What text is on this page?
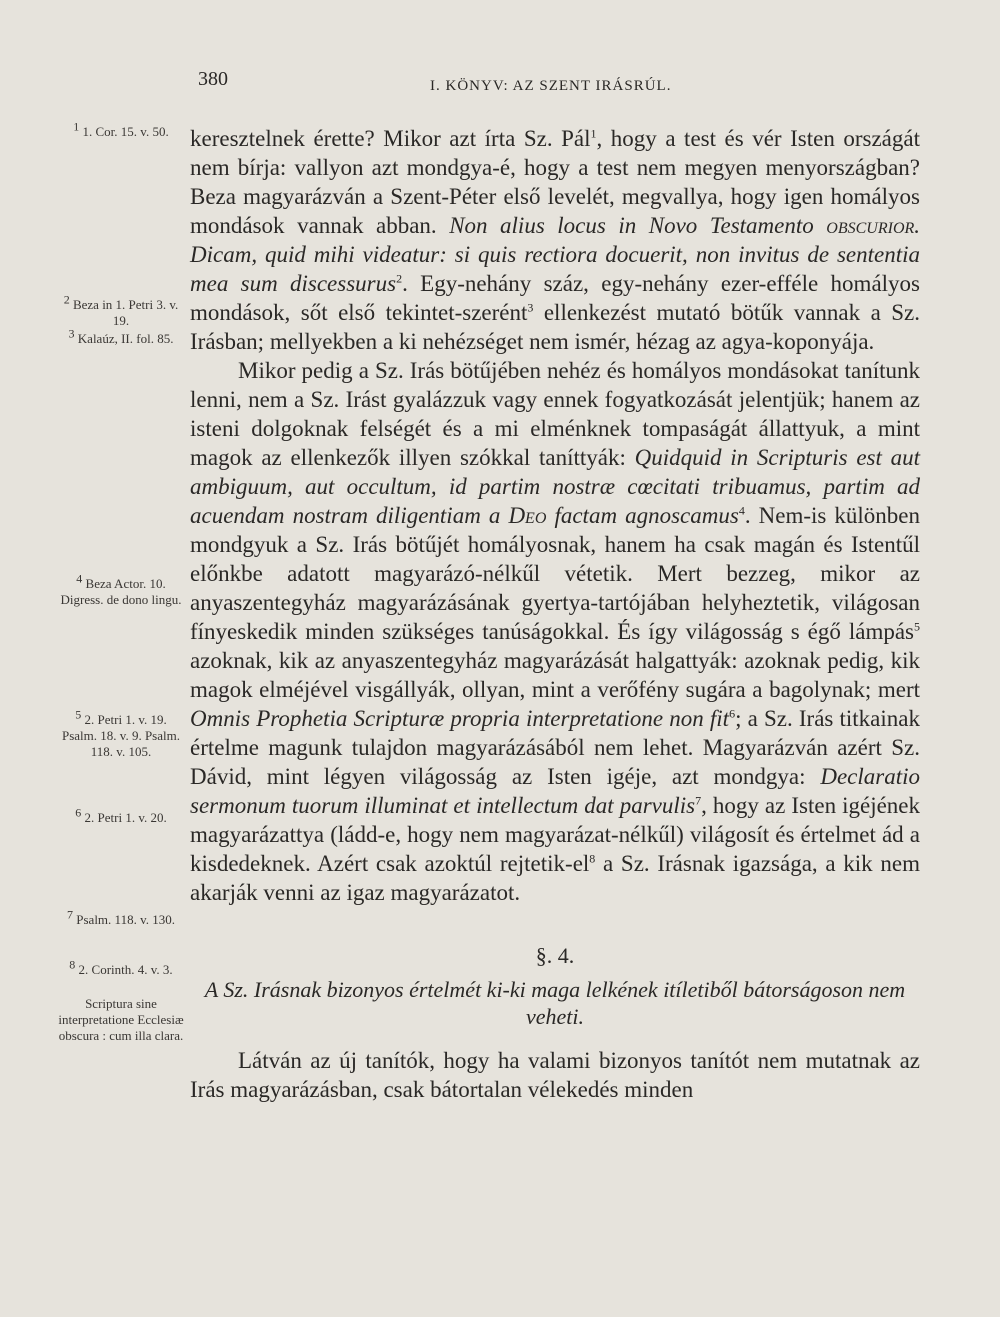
380	I. KÖNYV: AZ SZENT IRÁSRÚL.
$^1$ 1. Cor. 15. v. 50.
$^2$ Beza in 1. Petri 3. v. 19.
$^3$ Kalaúz, II. fol. 85.
$^4$ Beza Actor. 10. Digress. de dono lingu.
$^5$ 2. Petri 1. v. 19. Psalm. 18. v. 9. Psalm. 118. v. 105.
$^6$ 2. Petri 1. v. 20.
$^7$ Psalm. 118. v. 130.
$^8$ 2. Corinth. 4. v. 3.
Scriptura sine interpretatione Ecclesiæ obscura : cum illa clara.

keresztelnek érette? Mikor azt írta Sz. Pál$^1$, hogy a test és vér Isten országát nem bírja: vallyon azt mondgya-é, hogy a test nem megyen menyországban? Beza magyarázván a Szent-Péter első levelét, megvallya, hogy igen homályos mondások vannak abban. Non alius locus in Novo Testamento obscurior. Dicam, quid mihi videatur: si quis rectiora docuerit, non invitus de sententia mea sum discessurus$^2$. Egy-nehány száz, egy-nehány ezer-efféle homályos mondások, sőt első tekintet-szerént$^3$ ellenkezést mutató bötűk vannak a Sz. Irásban; mellyekben a ki nehézséget nem ismér, hézag az agya-koponyája.

Mikor pedig a Sz. Irás bötűjében nehéz és homályos mondásokat tanítunk lenni, nem a Sz. Irást gyalázzuk vagy ennek fogyatkozását jelentjük; hanem az isteni dolgoknak felségét és a mi elménknek tompaságát állattyuk, a mint magok az ellenkezők illyen szókkal taníttyák: Quidquid in Scripturis est aut ambiguum, aut occultum, id partim nostræ cœcitati tribuamus, partim ad acuendam nostram diligentiam a Deo factam agnoscamus$^4$. Nem-is különben mondgyuk a Sz. Irás bötűjét homályosnak, hanem ha csak magán és Istentűl előnkbe adatott magyarázó-nélkűl vétetik. Mert bezzeg, mikor az anyaszentegyház magyarázásának gyertya-tartójában helyheztetik, világosan fínyeskedik minden szükséges tanúságokkal. És így világosság s égő lámpás$^5$ azoknak, kik az anyaszentegyház magyarázását halgattyák: azoknak pedig, kik magok elméjével visgállyák, ollyan, mint a verőfény sugára a bagolynak; mert Omnis Prophetia Scripturæ propria interpretatione non fit$^6$; a Sz. Irás titkainak értelme magunk tulajdon magyarázásából nem lehet. Magyarázván azért Sz. Dávid, mint légyen világosság az Isten igéje, azt mondgya: Declaratio sermonum tuorum illuminat et intellectum dat parvulis$^7$, hogy az Isten igéjének magyarázattya (ládd-e, hogy nem magyarázat-nélkűl) világosít és értelmet ád a kisdedeknek. Azért csak azoktúl rejtetik-$el^8$ a Sz. Irásnak igazsága, a kik nem akarják venni az igaz magyarázatot.

§. 4.
A Sz. Irásnak bizonyos értelmét ki-ki maga lelkének itíletiből bátorságoson nem veheti.

Látván az új tanítók, hogy ha valami bizonyos tanítót nem mutatnak az Irás magyarázásban, csak bátortalan vélekedés minden
